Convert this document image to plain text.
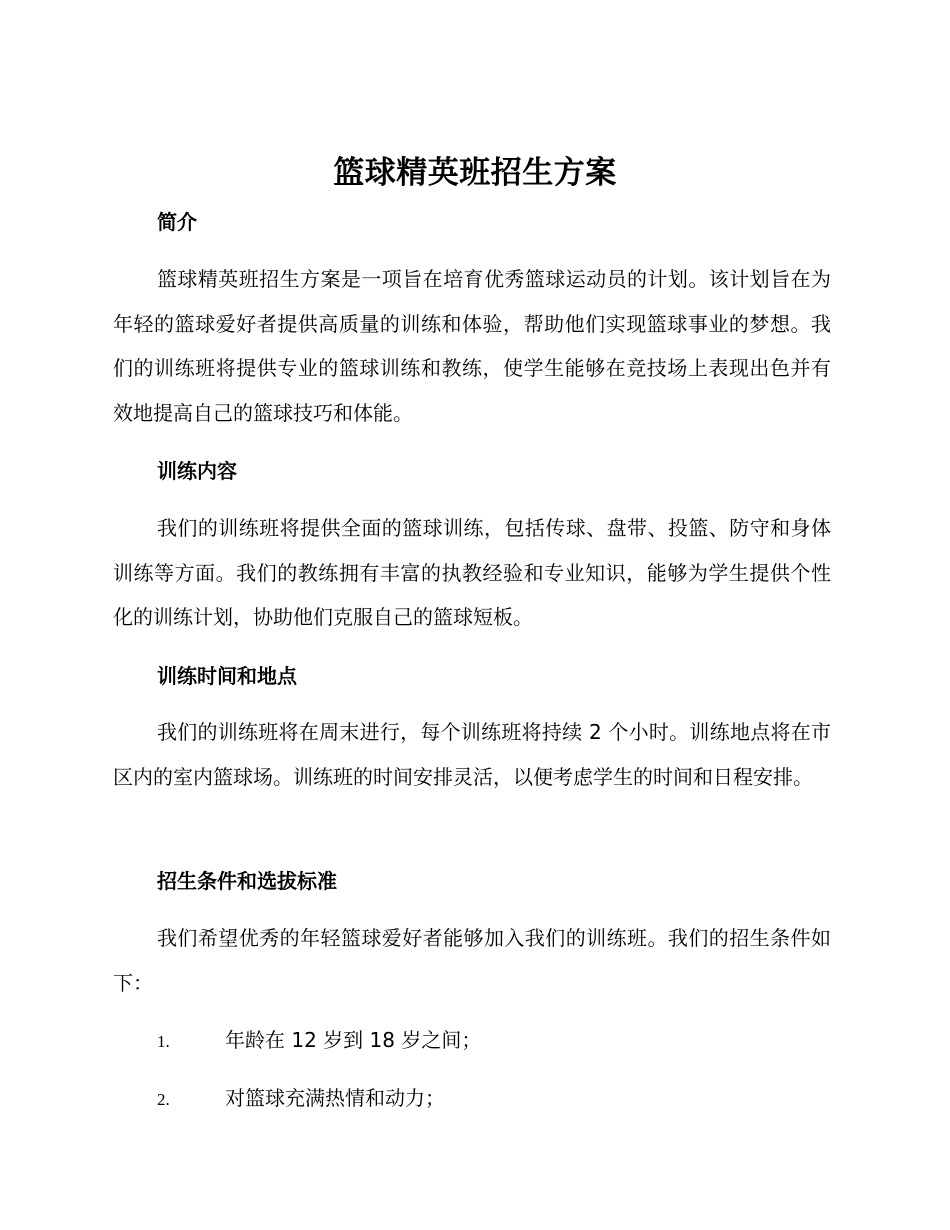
篮球精英班招生方案
简介

篮球精英班招生方案是一项旨在培育优秀篮球运动员的计划。该计划旨在为年轻的篮球爱好者提供高质量的训练和体验，帮助他们实现篮球事业的梦想。我们的训练班将提供专业的篮球训练和教练，使学生能够在竞技场上表现出色并有效地提高自己的篮球技巧和体能。

训练内容

我们的训练班将提供全面的篮球训练，包括传球、盘带、投篮、防守和身体训练等方面。我们的教练拥有丰富的执教经验和专业知识，能够为学生提供个性化的训练计划，协助他们克服自己的篮球短板。

训练时间和地点

我们的训练班将在周末进行，每个训练班将持续 2 个小时。训练地点将在市区内的室内篮球场。训练班的时间安排灵活，以便考虑学生的时间和日程安排。

招生条件和选拔标准

我们希望优秀的年轻篮球爱好者能够加入我们的训练班。我们的招生条件如下：

1.	年龄在 12 岁到 18 岁之间；
2.	对篮球充满热情和动力；
